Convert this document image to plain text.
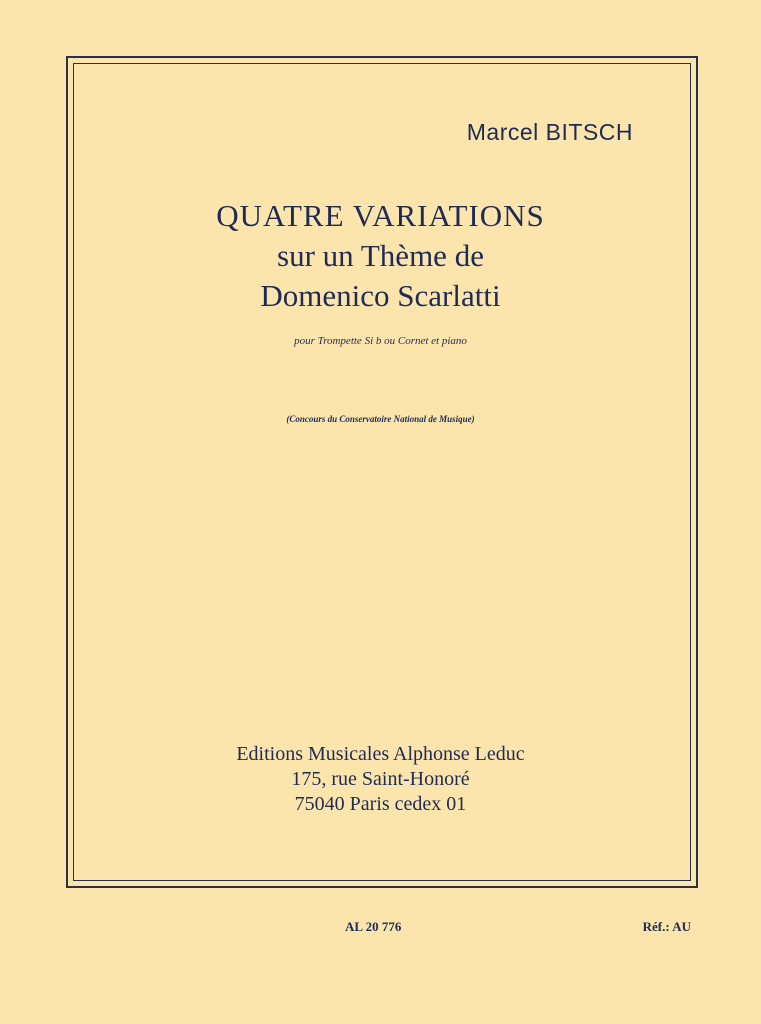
Marcel BITSCH
QUATRE VARIATIONS
sur un Thème de
Domenico Scarlatti
pour Trompette Si b ou Cornet et piano
(Concours du Conservatoire National de Musique)
Editions Musicales Alphonse Leduc
175, rue Saint-Honoré
75040 Paris cedex 01
AL 20 776	Réf.: AU
